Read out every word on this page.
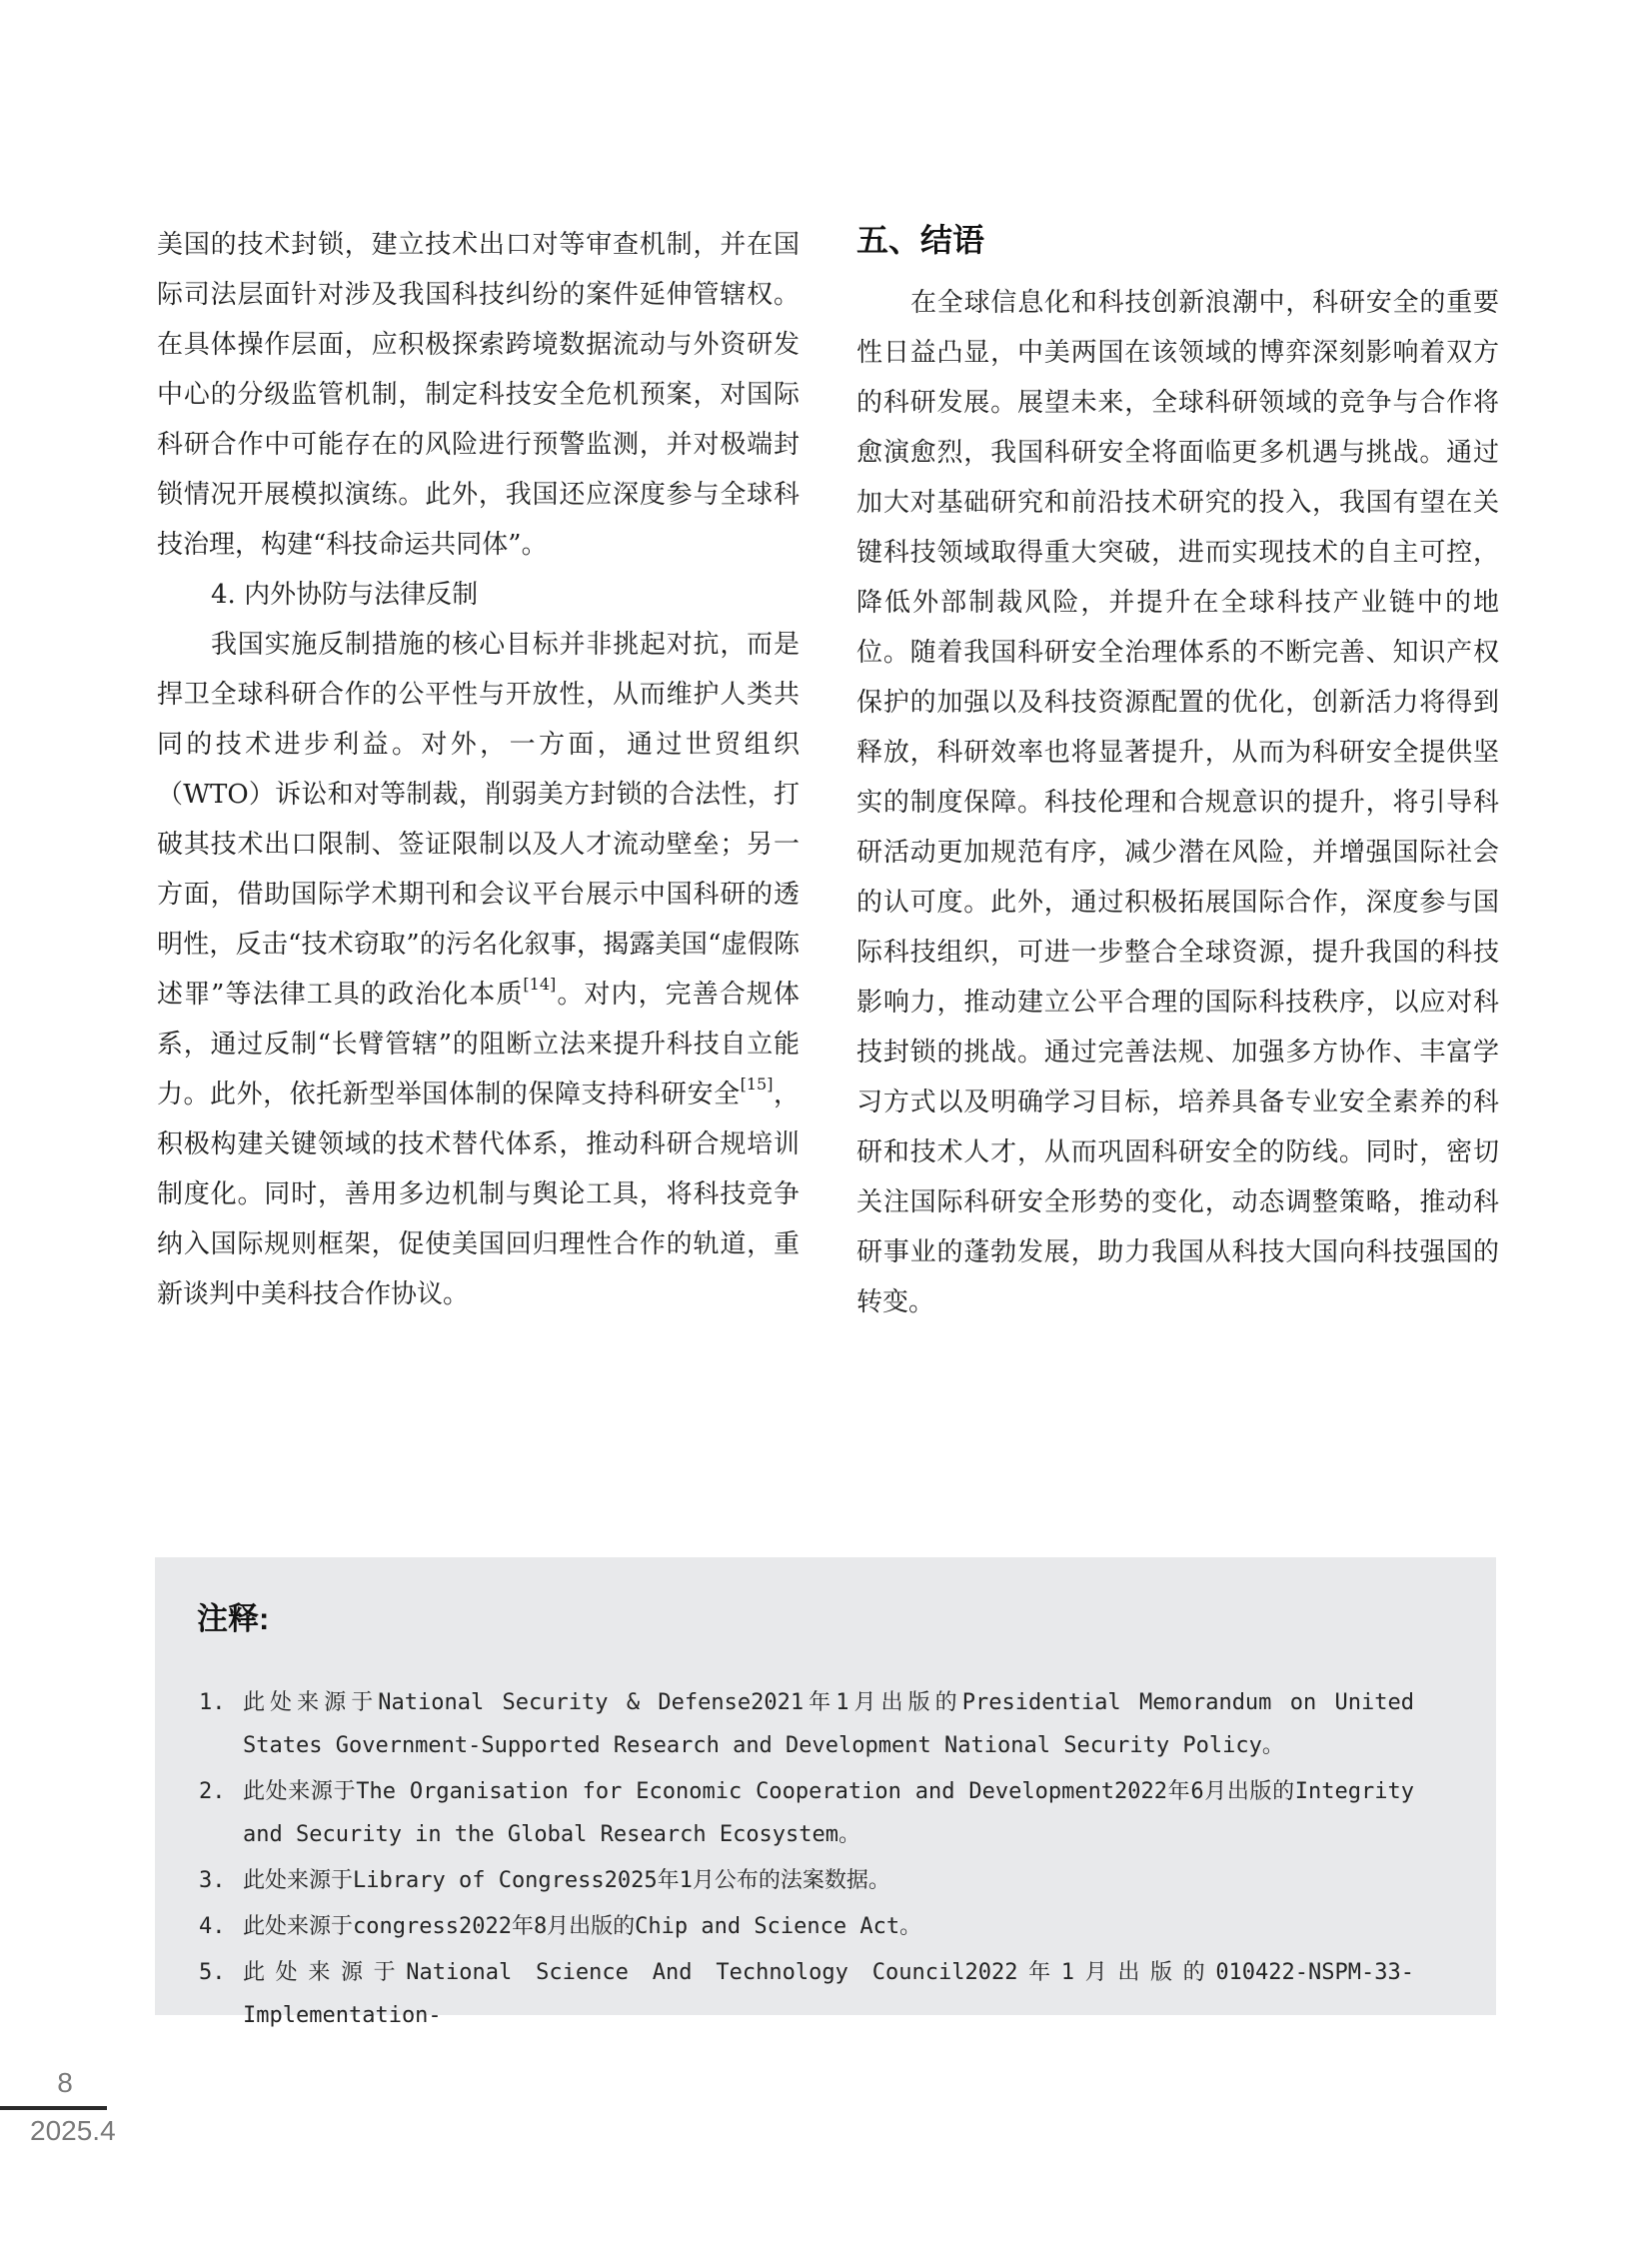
美国的技术封锁，建立技术出口对等审查机制，并在国际司法层面针对涉及我国科技纠纷的案件延伸管辖权。在具体操作层面，应积极探索跨境数据流动与外资研发中心的分级监管机制，制定科技安全危机预案，对国际科研合作中可能存在的风险进行预警监测，并对极端封锁情况开展模拟演练。此外，我国还应深度参与全球科技治理，构建“科技命运共同体”。

4. 内外协防与法律反制

我国实施反制措施的核心目标并非挑起对抗，而是捍卫全球科研合作的公平性与开放性，从而维护人类共同的技术进步利益。对外，一方面，通过世贸组织（WTO）诉讼和对等制裁，削弱美方封锁的合法性，打破其技术出口限制、签证限制以及人才流动壁垒；另一方面，借助国际学术期刊和会议平台展示中国科研的透明性，反击“技术窃取”的污名化叙事，揭露美国“虚假陈述罪”等法律工具的政治化本质[14]。对内，完善合规体系，通过反制“长臂管辖”的阻断立法来提升科技自立能力。此外，依托新型举国体制的保障支持科研安全[15]，积极构建关键领域的技术替代体系，推动科研合规培训制度化。同时，善用多边机制与舆论工具，将科技竞争纳入国际规则框架，促使美国回归理性合作的轨道，重新谈判中美科技合作协议。

五、结语

在全球信息化和科技创新浪潮中，科研安全的重要性日益凸显，中美两国在该领域的博弈深刻影响着双方的科研发展。展望未来，全球科研领域的竞争与合作将愈演愈烈，我国科研安全将面临更多机遇与挑战。通过加大对基础研究和前沿技术研究的投入，我国有望在关键科技领域取得重大突破，进而实现技术的自主可控，降低外部制裁风险，并提升在全球科技产业链中的地位。随着我国科研安全治理体系的不断完善、知识产权保护的加强以及科技资源配置的优化，创新活力将得到释放，科研效率也将显著提升，从而为科研安全提供坚实的制度保障。科技伦理和合规意识的提升，将引导科研活动更加规范有序，减少潜在风险，并增强国际社会的认可度。此外，通过积极拓展国际合作，深度参与国际科技组织，可进一步整合全球资源，提升我国的科技影响力，推动建立公平合理的国际科技秩序，以应对科技封锁的挑战。通过完善法规、加强多方协作、丰富学习方式以及明确学习目标，培养具备专业安全素养的科研和技术人才，从而巩固科研安全的防线。同时，密切关注国际科研安全形势的变化，动态调整策略，推动科研事业的蓬勃发展，助力我国从科技大国向科技强国的转变。

注释:
1. 此处来源于National Security & Defense2021年1月出版的Presidential Memorandum on United States Government-Supported Research and Development National Security Policy。
2. 此处来源于The Organisation for Economic Cooperation and Development2022年6月出版的Integrity and Security in the Global Research Ecosystem。
3. 此处来源于Library of Congress2025年1月公布的法案数据。
4. 此处来源于congress2022年8月出版的Chip and Science Act。
5. 此处来源于National Science And Technology Council2022年1月出版的010422-NSPM-33-Implementation-
8
2025.4
